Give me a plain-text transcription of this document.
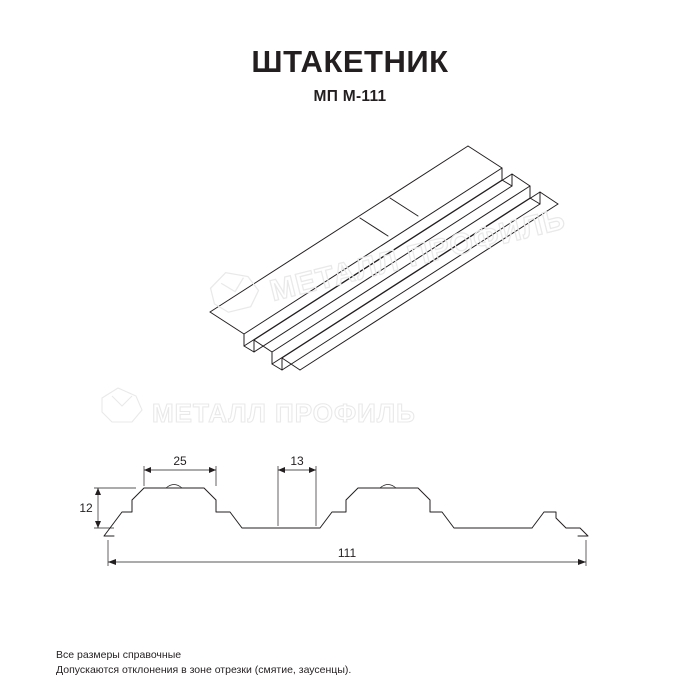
ШТАКЕТНИК
МП М-111
25	13
12
111
МЕТАЛЛ ПРОФИЛЬ
МЕТАЛЛ ПРОФИЛЬ
Все размеры справочные
Допускаются отклонения в зоне отрезки (смятие, заусенцы).
